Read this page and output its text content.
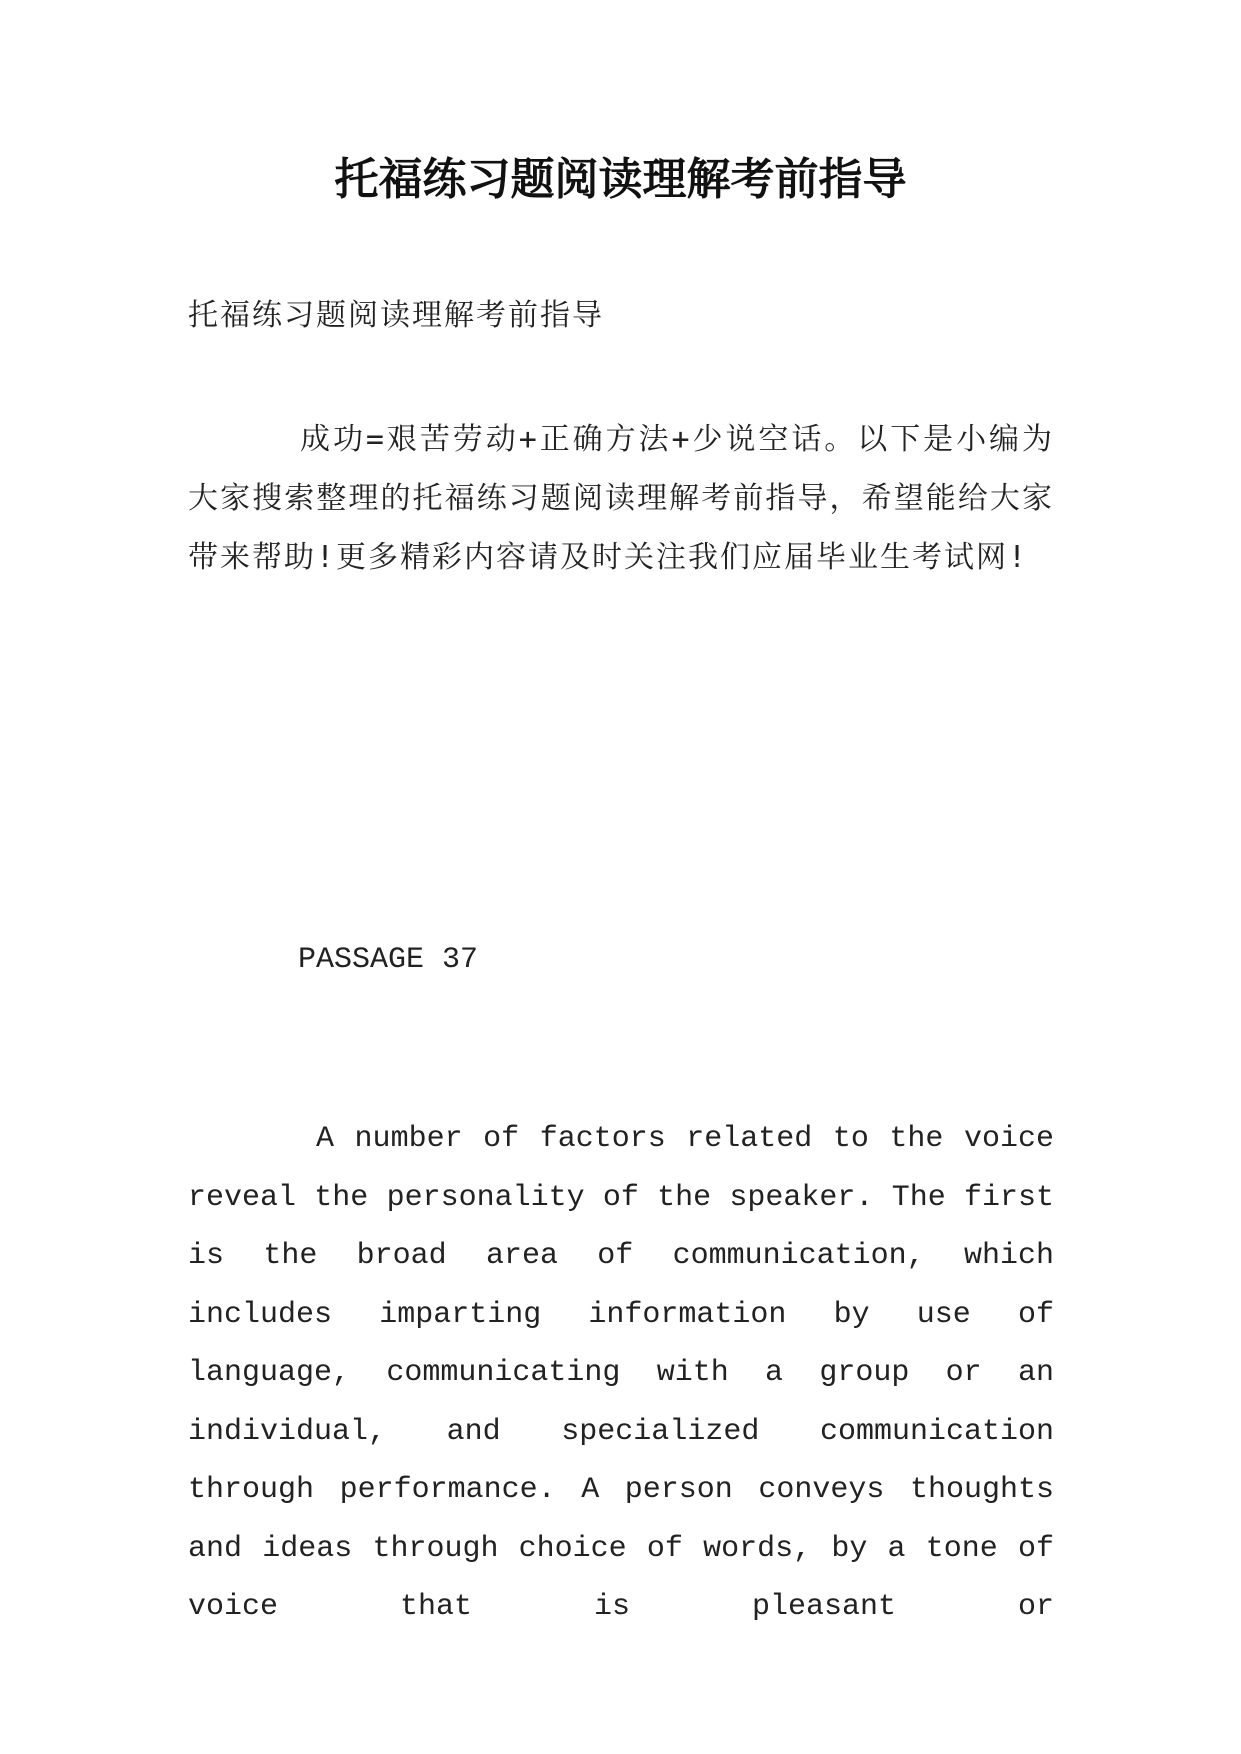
托福练习题阅读理解考前指导
托福练习题阅读理解考前指导

成功=艰苦劳动+正确方法+少说空话。以下是小编为大家搜索整理的托福练习题阅读理解考前指导，希望能给大家带来帮助!更多精彩内容请及时关注我们应届毕业生考试网!

PASSAGE 37

A number of factors related to the voice reveal the personality of the speaker. The first is the broad area of communication, which includes imparting information by use of language, communicating with a group or an individual, and specialized communication through performance. A person conveys thoughts and ideas through choice of words, by a tone of voice that is pleasant or
